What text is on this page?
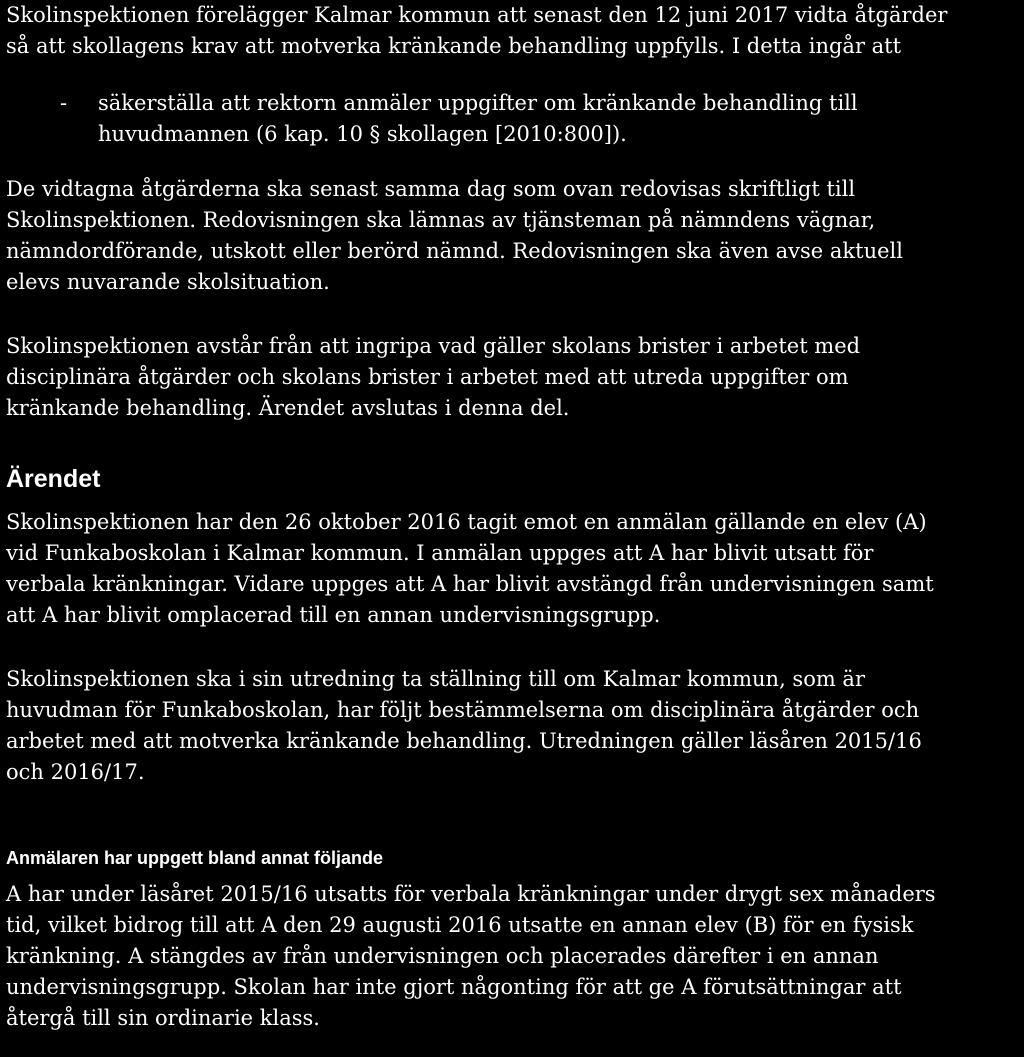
Skolinspektionen förelägger Kalmar kommun att senast den 12 juni 2017 vidta åtgärder
så att skollagens krav att motverka kränkande behandling uppfylls. I detta ingår att

- säkerställa att rektorn anmäler uppgifter om kränkande behandling till
huvudmannen (6 kap. 10 § skollagen [2010:800]).

De vidtagna åtgärderna ska senast samma dag som ovan redovisas skriftligt till
Skolinspektionen. Redovisningen ska lämnas av tjänsteman på nämndens vägnar,
nämndordförande, utskott eller berörd nämnd. Redovisningen ska även avse aktuell
elevs nuvarande skolsituation.

Skolinspektionen avstår från att ingripa vad gäller skolans brister i arbetet med
disciplinära åtgärder och skolans brister i arbetet med att utreda uppgifter om
kränkande behandling. Ärendet avslutas i denna del.

Ärendet

Skolinspektionen har den 26 oktober 2016 tagit emot en anmälan gällande en elev (A)
vid Funkaboskolan i Kalmar kommun. I anmälan uppges att A har blivit utsatt för
verbala kränkningar. Vidare uppges att A har blivit avstängd från undervisningen samt
att A har blivit omplacerad till en annan undervisningsgrupp.

Skolinspektionen ska i sin utredning ta ställning till om Kalmar kommun, som är
huvudman för Funkaboskolan, har följt bestämmelserna om disciplinära åtgärder och
arbetet med att motverka kränkande behandling. Utredningen gäller läsåren 2015/16
och 2016/17.

Anmälaren har uppgett bland annat följande

A har under läsåret 2015/16 utsatts för verbala kränkningar under drygt sex månaders
tid, vilket bidrog till att A den 29 augusti 2016 utsatte en annan elev (B) för en fysisk
kränkning. A stängdes av från undervisningen och placerades därefter i en annan
undervisningsgrupp. Skolan har inte gjort någonting för att ge A förutsättningar att
återgå till sin ordinarie klass.
